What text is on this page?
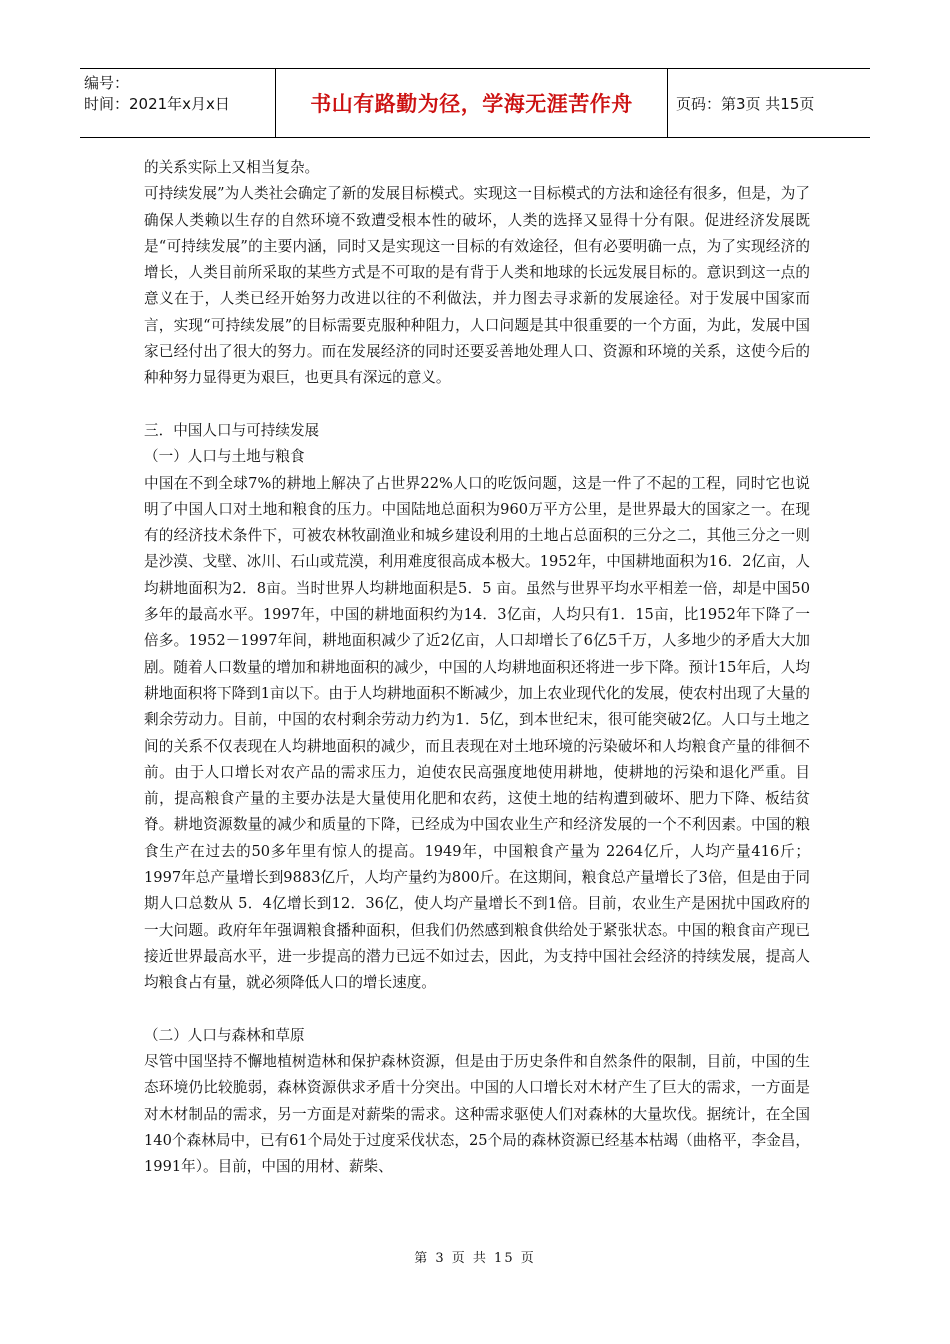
编号：
时间：2021年x月x日	书山有路勤为径，学海无涯苦作舟	页码：第3页 共15页

的关系实际上又相当复杂。

可持续发展”为人类社会确定了新的发展目标模式。实现这一目标模式的方法和途径有很多，但是，为了确保人类赖以生存的自然环境不致遭受根本性的破坏，人类的选择又显得十分有限。促进经济发展既是“可持续发展”的主要内涵，同时又是实现这一目标的有效途径，但有必要明确一点，为了实现经济的增长，人类目前所采取的某些方式是不可取的是有背于人类和地球的长远发展目标的。意识到这一点的意义在于，人类已经开始努力改进以往的不利做法，并力图去寻求新的发展途径。对于发展中国家而言，实现“可持续发展”的目标需要克服种种阻力，人口问题是其中很重要的一个方面，为此，发展中国家已经付出了很大的努力。而在发展经济的同时还要妥善地处理人口、资源和环境的关系，这使今后的种种努力显得更为艰巨，也更具有深远的意义。

三．中国人口与可持续发展

（一）人口与土地与粮食

中国在不到全球7%的耕地上解决了占世界22%人口的吃饭问题，这是一件了不起的工程，同时它也说明了中国人口对土地和粮食的压力。中国陆地总面积为960万平方公里，是世界最大的国家之一。在现有的经济技术条件下，可被农林牧副渔业和城乡建设利用的土地占总面积的三分之二，其他三分之一则是沙漠、戈壁、冰川、石山或荒漠，利用难度很高成本极大。1952年，中国耕地面积为16．2亿亩，人均耕地面积为2．8亩。当时世界人均耕地面积是5．5 亩。虽然与世界平均水平相差一倍，却是中国50多年的最高水平。1997年，中国的耕地面积约为14．3亿亩，人均只有1．15亩，比1952年下降了一倍多。1952－1997年间，耕地面积减少了近2亿亩，人口却增长了6亿5千万，人多地少的矛盾大大加剧。随着人口数量的增加和耕地面积的减少，中国的人均耕地面积还将进一步下降。预计15年后，人均耕地面积将下降到1亩以下。由于人均耕地面积不断减少，加上农业现代化的发展，使农村出现了大量的剩余劳动力。目前，中国的农村剩余劳动力约为1．5亿，到本世纪末，很可能突破2亿。人口与土地之间的关系不仅表现在人均耕地面积的减少，而且表现在对土地环境的污染破坏和人均粮食产量的徘徊不前。由于人口增长对农产品的需求压力，迫使农民高强度地使用耕地，使耕地的污染和退化严重。目前，提高粮食产量的主要办法是大量使用化肥和农药，这使土地的结构遭到破坏、肥力下降、板结贫脊。耕地资源数量的减少和质量的下降，已经成为中国农业生产和经济发展的一个不利因素。中国的粮食生产在过去的50多年里有惊人的提高。1949年，中国粮食产量为 2264亿斤，人均产量416斤；1997年总产量增长到9883亿斤，人均产量约为800斤。在这期间，粮食总产量增长了3倍，但是由于同期人口总数从 5．4亿增长到12．36亿，使人均产量增长不到1倍。目前，农业生产是困扰中国政府的一大问题。政府年年强调粮食播种面积，但我们仍然感到粮食供给处于紧张状态。中国的粮食亩产现已接近世界最高水平，进一步提高的潜力已远不如过去，因此，为支持中国社会经济的持续发展，提高人均粮食占有量，就必须降低人口的增长速度。

（二）人口与森林和草原

尽管中国坚持不懈地植树造林和保护森林资源，但是由于历史条件和自然条件的限制，目前，中国的生态环境仍比较脆弱，森林资源供求矛盾十分突出。中国的人口增长对木材产生了巨大的需求，一方面是对木材制品的需求，另一方面是对薪柴的需求。这种需求驱使人们对森林的大量坎伐。据统计，在全国140个森林局中，已有61个局处于过度采伐状态，25个局的森林资源已经基本枯竭（曲格平，李金昌，1991年）。目前，中国的用材、薪柴、

第 3 页 共 15 页
